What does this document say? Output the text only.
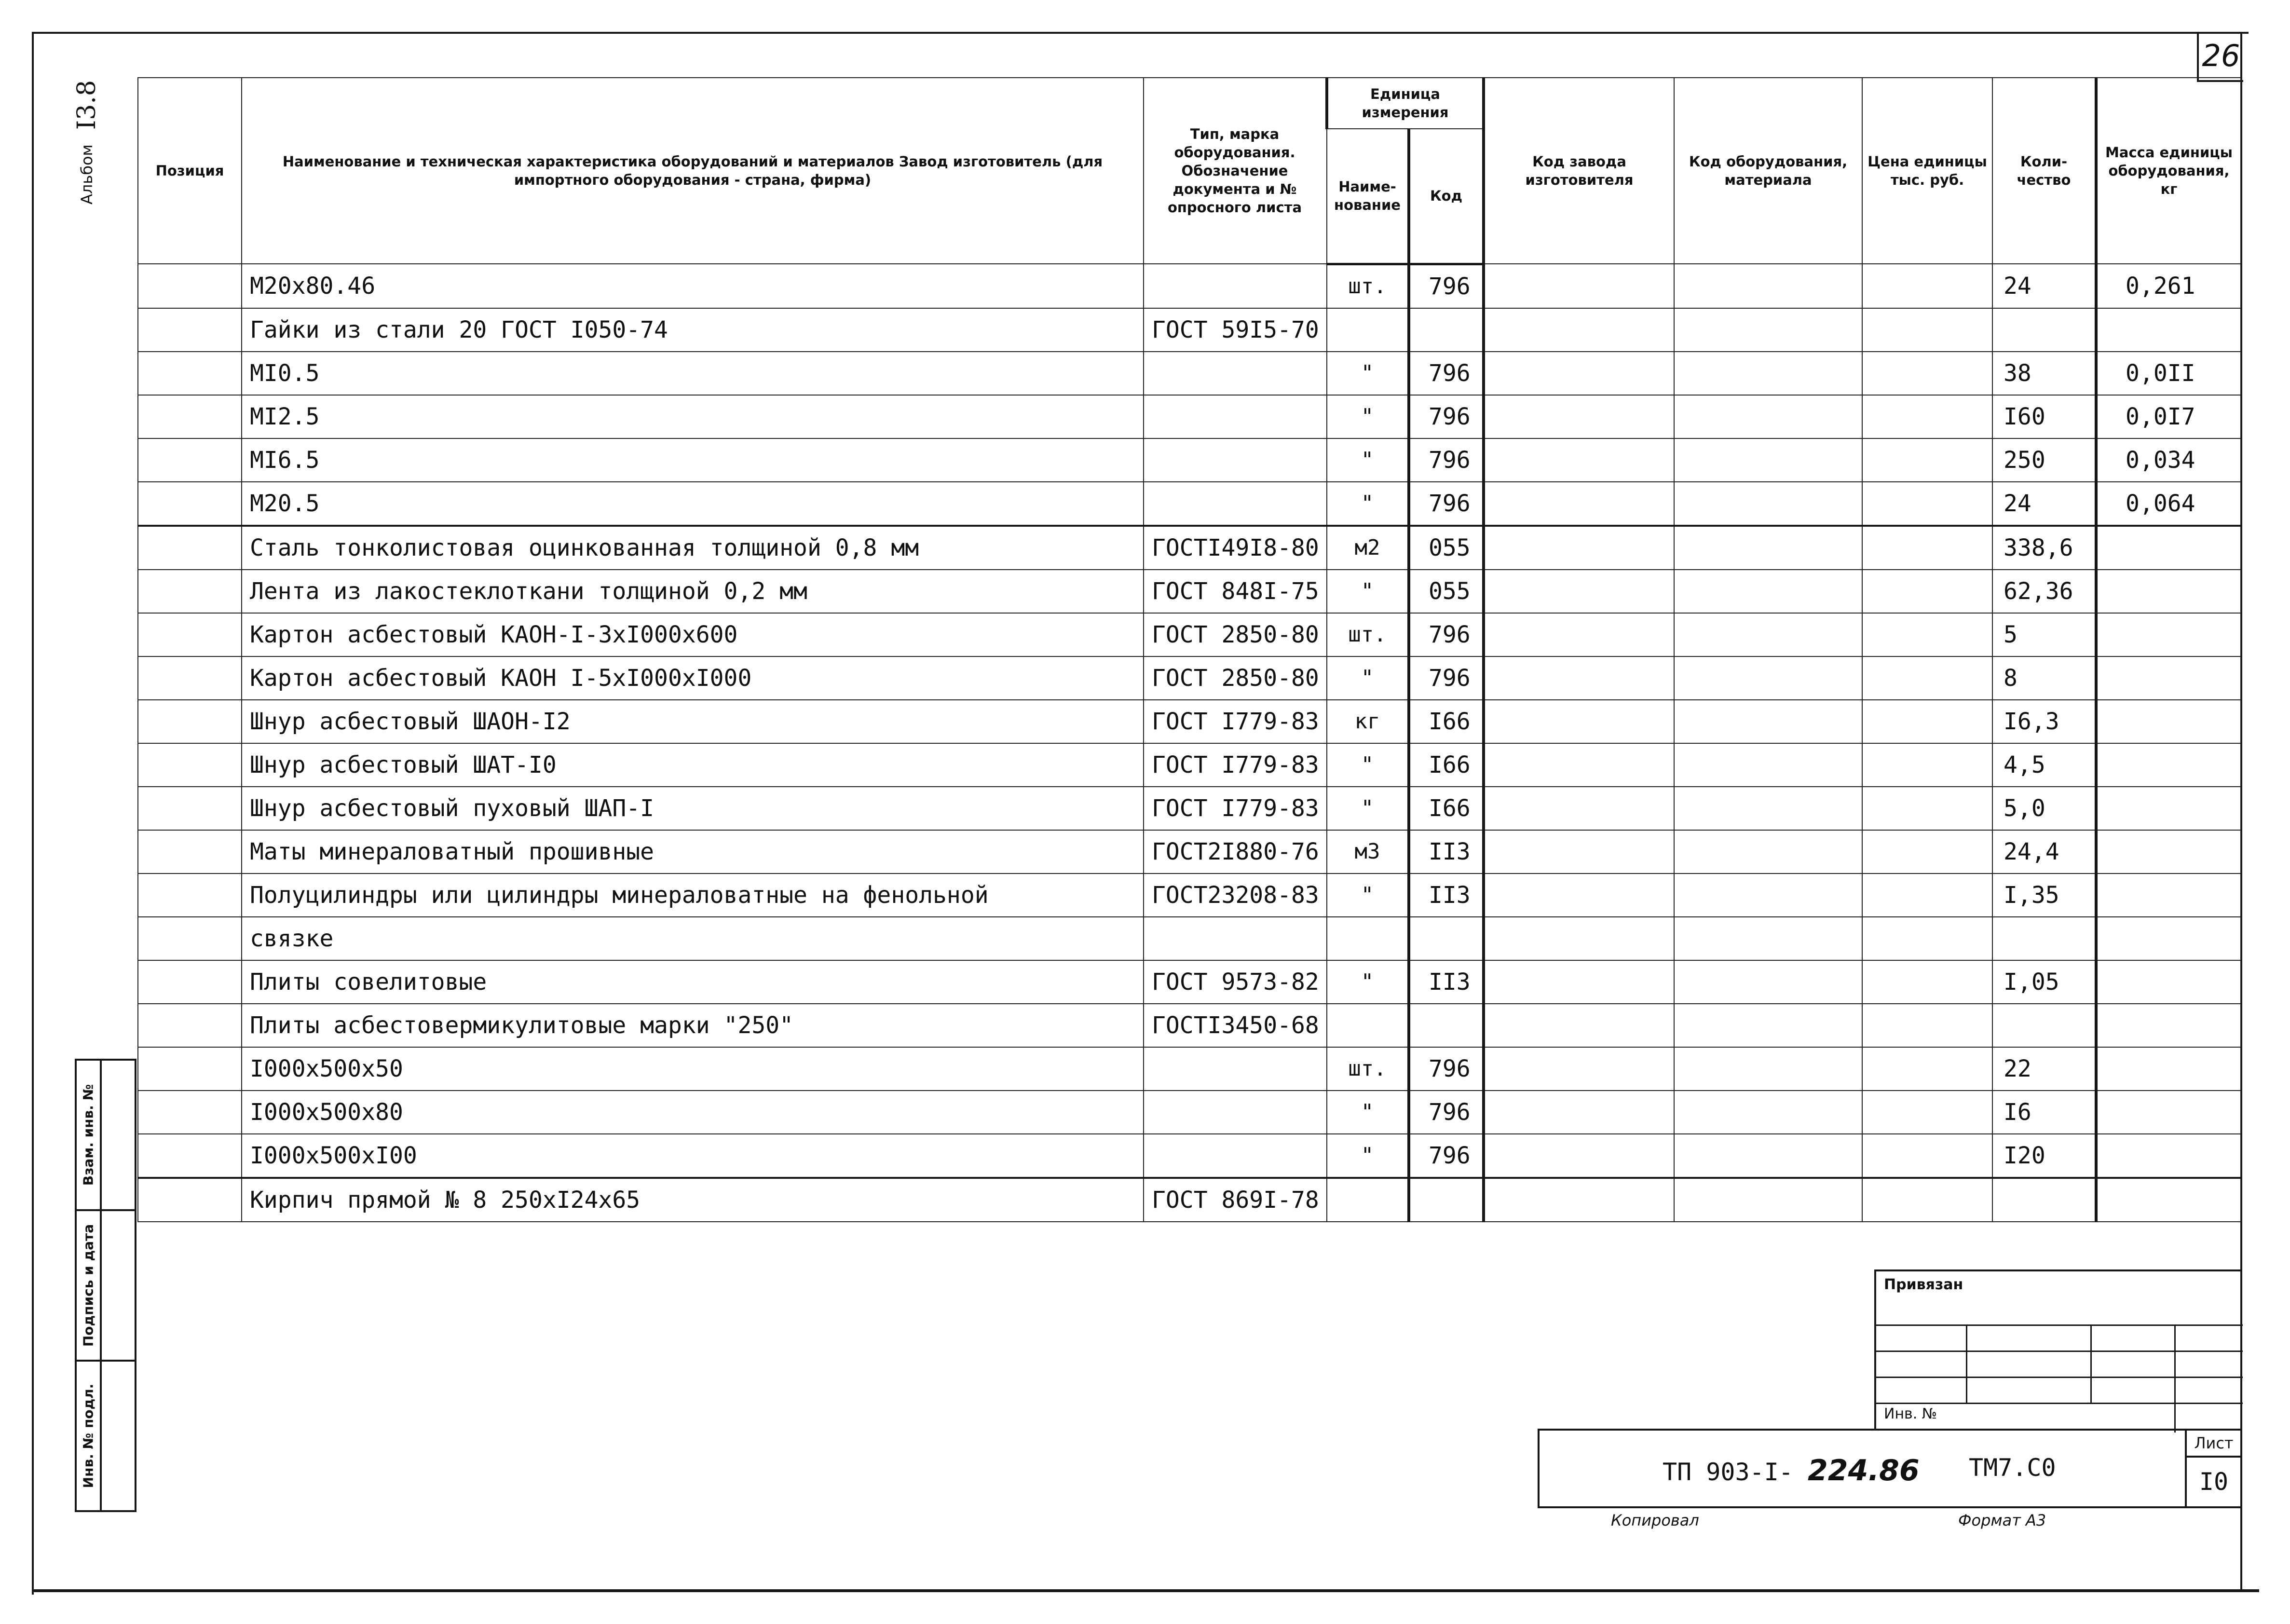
26
Альбом
I3.8
Позиция	Наименование и техническая характеристика оборудований и материалов Завод изготовитель (для импортного оборудования - страна, фирма)	Тип, марка оборудования. Обозначение документа и № опросного листа	Единица измерения		Код завода изготовителя	Код оборудования, материала	Цена единицы тыс. руб.	Коли-чество	Масса единицы оборудования, кг
			Наиме-нование	Код					
	М20х80.46		шт.	796				24	0,261
	Гайки из стали 20 ГОСТ I050-74	ГОСТ 59I5-70							
	МI0.5		"	796				38	0,0II
	МI2.5		"	796				I60	0,0I7
	МI6.5		"	796				250	0,034
	М20.5		"	796				24	0,064
	Сталь тонколистовая оцинкованная толщиной 0,8 мм	ГОСТI49I8-80	м2	055				338,6	
	Лента из лакостеклоткани толщиной 0,2 мм	ГОСТ 848I-75	"	055				62,36	
	Картон асбестовый КАОН-I-3хI000х600	ГОСТ 2850-80	шт.	796				5	
	Картон асбестовый КАОН I-5хI000хI000	ГОСТ 2850-80	"	796				8	
	Шнур асбестовый ШАОН-I2	ГОСТ I779-83	кг	I66				I6,3	
	Шнур асбестовый ШАТ-I0	ГОСТ I779-83	"	I66				4,5	
	Шнур асбестовый пуховый ШАП-I	ГОСТ I779-83	"	I66				5,0	
	Маты минераловатный прошивные	ГОСТ2I880-76	м3	II3				24,4	
	Полуцилиндры или цилиндры минераловатные на фенольной	ГОСТ23208-83	"	II3				I,35	
	связке								
	Плиты совелитовые	ГОСТ 9573-82	"	II3				I,05	
	Плиты асбестовермикулитовые марки "250"	ГОСТI3450-68							
	I000х500х50		шт.	796				22	
	I000х500х80		"	796				I6	
	I000х500хI00		"	796				I20	
	Кирпич прямой № 8 250хI24х65	ГОСТ 869I-78							
Взам. инв. №
Подпись и дата
Инв. № подл.
Привязан
Инв. №
ТП 903-I- 224.86 ТМ7.С0
Лист
I0
Копировал	Формат А3
